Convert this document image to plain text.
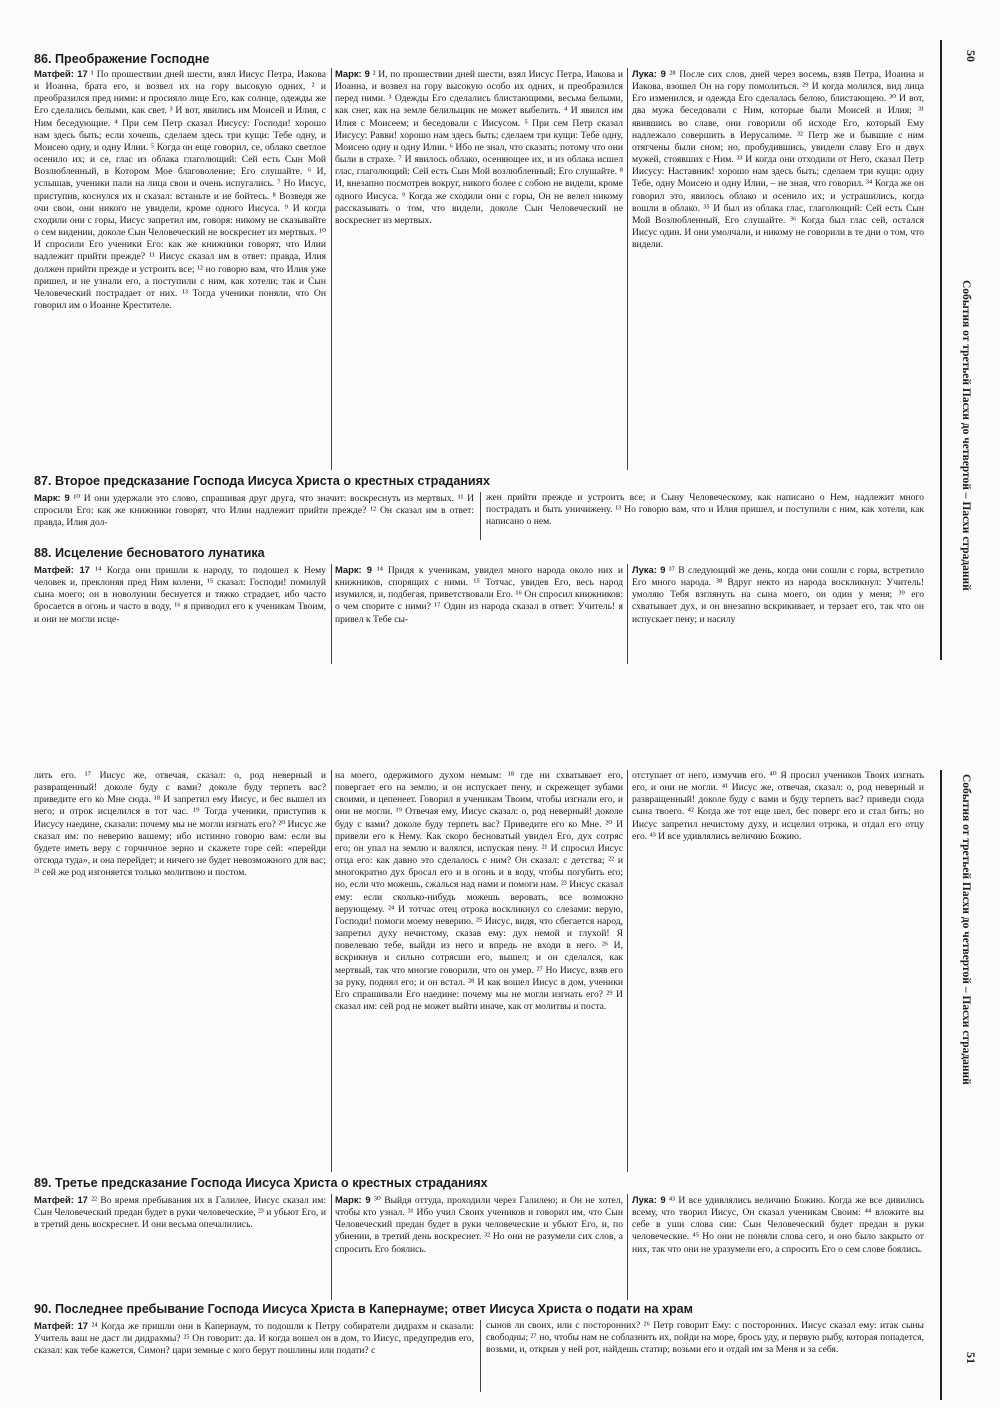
86. Преображение Господне
Матфей: 17 ¹ По прошествии дней шести, взял Иисус Петра, Иакова и Иоанна, брата его, и возвел их на гору высокую одних, ² и преобразился пред ними: и просияло лице Его, как солнце, одежды же Его сделались белыми, как свет. ³ И вот, явились им Моисей и Илия, с Ним беседующие. ⁴ При сем Петр сказал Иисусу: Господи! хорошо нам здесь быть; если хочешь, сделаем здесь три кущи: Тебе одну, и Моисею одну, и одну Илии. ⁵ Когда он еще говорил, се, облако светлое осенило их; и се, глас из облака глаголющий: Сей есть Сын Мой Возлюбленный, в Котором Мое благоволение; Его слушайте. ⁶ И, услышав, ученики пали на лица свои и очень испугались. ⁷ Но Иисус, приступив, коснулся их и сказал: встаньте и не бойтесь. ⁸ Возведя же очи свои, они никого не увидели, кроме одного Иисуса. ⁹ И когда сходили они с горы, Иисус запретил им, говоря: никому не сказывайте о сем видении, доколе Сын Человеческий не воскреснет из мертвых. ¹⁰ И спросили Его ученики Его: как же книжники говорят, что Илии надлежит прийти прежде? ¹¹ Иисус сказал им в ответ: правда, Илия должен прийти прежде и устроить все; ¹² но говорю вам, что Илия уже пришел, и не узнали его, а поступили с ним, как хотели; так и Сын Человеческий пострадает от них. ¹³ Тогда ученики поняли, что Он говорил им о Иоанне Крестителе.
Марк: 9 ² И, по прошествии дней шести, взял Иисус Петра, Иакова и Иоанна, и возвел на гору высокую особо их одних, и преобразился перед ними. ³ Одежды Его сделались блистающими, весьма белыми, как снег, как на земле белильщик не может выбелить. ⁴ И явился им Илия с Моисеем; и беседовали с Иисусом. ⁵ При сем Петр сказал Иисусу: Равви! хорошо нам здесь быть; сделаем три кущи: Тебе одну, Моисею одну и одну Илии. ⁶ Ибо не знал, что сказать; потому что они были в страхе. ⁷ И явилось облако, осеняющее их, и из облака исшел глас, глаголющий: Сей есть Сын Мой возлюбленный; Его слушайте. ⁸ И, внезапно посмотрев вокруг, никого более с собою не видели, кроме одного Иисуса. ⁹ Когда же сходили они с горы, Он не велел никому рассказывать о том, что видели, доколе Сын Человеческий не воскреснет из мертвых.
Лука: 9 ²⁸ После сих слов, дней через восемь, взяв Петра, Иоанна и Иакова, взошел Он на гору помолиться. ²⁹ И когда молился, вид лица Его изменился, и одежда Его сделалась белою, блистающею. ³⁰ И вот, два мужа беседовали с Ним, которые были Моисей и Илия; ³¹ явившись во славе, они говорили об исходе Его, который Ему надлежало совершить в Иерусалиме. ³² Петр же и бывшие с ним отягчены были сном; но, пробудившись, увидели славу Его и двух мужей, стоявших с Ним. ³³ И когда они отходили от Него, сказал Петр Иисусу: Наставник! хорошо нам здесь быть; сделаем три кущи: одну Тебе, одну Моисею и одну Илии, – не зная, что говорил. ³⁴ Когда же он говорил это, явилось облако и осенило их; и устрашились, когда вошли в облако. ³⁵ И был из облака глас, глаголющий: Сей есть Сын Мой Возлюбленный, Его слушайте. ³⁶ Когда был глас сей, остался Иисус один. И они умолчали, и никому не говорили в те дни о том, что видели.
87. Второе предсказание Господа Иисуса Христа о крестных страданиях
Марк: 9 ¹⁰ И они удержали это слово, спрашивая друг друга, что значит: воскреснуть из мертвых. ¹¹ И спросили Его: как же книжники говорят, что Илии надлежит прийти прежде? ¹² Он сказал им в ответ: правда, Илия дол-
жен прийти прежде и устроить все; и Сыну Человеческому, как написано о Нем, надлежит много пострадать и быть уничижену. ¹³ Но говорю вам, что и Илия пришел, и поступили с ним, как хотели, как написано о нем.
88. Исцеление бесноватого лунатика
Матфей: 17 ¹⁴ Когда они пришли к народу, то подошел к Нему человек и, преклоняя пред Ним колени, ¹⁵ сказал: Господи! помилуй сына моего; он в новолунии беснуется и тяжко страдает, ибо часто бросается в огонь и часто в воду, ¹⁶ я приводил его к ученикам Твоим, и они не могли исце-
Марк: 9 ¹⁴ Придя к ученикам, увидел много народа около них и книжников, спорящих с ними. ¹⁵ Тотчас, увидев Его, весь народ изумился, и, подбегая, приветствовали Его. ¹⁶ Он спросил книжников: о чем спорите с ними? ¹⁷ Один из народа сказал в ответ: Учитель! я привел к Тебе сы-
Лука: 9 ³⁷ В следующий же день, когда они сошли с горы, встретило Его много народа. ³⁸ Вдруг некто из народа воскликнул: Учитель! умоляю Тебя взглянуть на сына моего, он один у меня; ³⁹ его схватывает дух, и он внезапно вскрикивает, и терзает его, так что он испускает пену; и насилу
лить его. ¹⁷ Иисус же, отвечая, сказал: о, род неверный и развращенный! доколе буду с вами? доколе буду терпеть вас? приведите его ко Мне сюда. ¹⁸ И запретил ему Иисус, и бес вышел из него; и отрок исцелился в тот час. ¹⁹ Тогда ученики, приступив к Иисусу наедине, сказали: почему мы не могли изгнать его? ²⁰ Иисус же сказал им: по неверию вашему; ибо истинно говорю вам: если вы будете иметь веру с горчичное зерно и скажете горе сей: «перейди отсюда туда», и она перейдет; и ничего не будет невозможного для вас; ²¹ сей же род изгоняется только молитвою и постом.
на моего, одержимого духом немым: ¹⁸ где ни схватывает его, повергает его на землю, и он испускает пену, и скрежещет зубами своими, и цепенеет. Говорил я ученикам Твоим, чтобы изгнали его, и они не могли. ¹⁹ Отвечая ему, Иисус сказал: о, род неверный! доколе буду с вами? доколе буду терпеть вас? Приведите его ко Мне. ²⁰ И привели его к Нему. Как скоро бесноватый увидел Его, дух сотряс его; он упал на землю и валялся, испуская пену. ²¹ И спросил Иисус отца его: как давно это сделалось с ним? Он сказал: с детства; ²² и многократно дух бросал его и в огонь и в воду, чтобы погубить его; но, если что можешь, сжалься над нами и помоги нам. ²³ Иисус сказал ему: если сколько-нибудь можешь веровать, все возможно верующему. ²⁴ И тотчас отец отрока воскликнул со слезами: верую, Господи! помоги моему неверию. ²⁵ Иисус, видя, что сбегается народ, запретил духу нечистому, сказав ему: дух немой и глухой! Я повелеваю тебе, выйди из него и впредь не входи в него. ²⁶ И, вскрикнув и сильно сотрясши его, вышел; и он сделался, как мертвый, так что многие говорили, что он умер. ²⁷ Но Иисус, взяв его за руку, поднял его; и он встал. ²⁸ И как вошел Иисус в дом, ученики Его спрашивали Его наедине: почему мы не могли изгнать его? ²⁹ И сказал им: сей род не может выйти иначе, как от молитвы и поста.
отступает от него, измучив его. ⁴⁰ Я просил учеников Твоих изгнать его, и они не могли. ⁴¹ Иисус же, отвечая, сказал: о, род неверный и развращенный! доколе буду с вами и буду терпеть вас? приведи сюда сына твоего. ⁴² Когда же тот еще шел, бес поверг его и стал бить; но Иисус запретил нечистому духу, и исцелил отрока, и отдал его отцу его. ⁴³ И все удивлялись величию Божию.
89. Третье предсказание Господа Иисуса Христа о крестных страданиях
Матфей: 17 ²² Во время пребывания их в Галилее, Иисус сказал им: Сын Человеческий предан будет в руки человеческие, ²³ и убьют Его, и в третий день воскреснет. И они весьма опечалились.
Марк: 9 ³⁰ Выйдя оттуда, проходили через Галилею; и Он не хотел, чтобы кто узнал. ³¹ Ибо учил Своих учеников и говорил им, что Сын Человеческий предан будет в руки человеческие и убьют Его, и, по убиении, в третий день воскреснет. ³² Но они не разумели сих слов, а спросить Его боялись.
Лука: 9 ⁴³ И все удивлялись величию Божию. Когда же все дивились всему, что творил Иисус, Он сказал ученикам Своим: ⁴⁴ вложите вы себе в уши слова сии: Сын Человеческий будет предан в руки человеческие. ⁴⁵ Но они не поняли слова сего, и оно было закрыто от них, так что они не уразумели его, а спросить Его о сем слове боялись.
90. Последнее пребывание Господа Иисуса Христа в Капернауме; ответ Иисуса Христа о подати на храм
Матфей: 17 ²⁴ Когда же пришли они в Капернаум, то подошли к Петру собиратели дидрахм и сказали: Учитель ваш не даст ли дидрахмы? ²⁵ Он говорит: да. И когда вошел он в дом, то Иисус, предупредив его, сказал: как тебе кажется, Симон? цари земные с кого берут пошлины или подати? с
сынов ли своих, или с посторонних? ²⁶ Петр говорит Ему: с посторонних. Иисус сказал ему: итак сыны свободны; ²⁷ но, чтобы нам не соблазнить их, пойди на море, брось уду, и первую рыбу, которая попадется, возьми, и, открыв у ней рот, найдешь статир; возьми его и отдай им за Меня и за себя.
50
События от третьей Пасхи до четвертой – Пасхи страданий
События от третьей Пасхи до четвертой – Пасхи страданий
51
